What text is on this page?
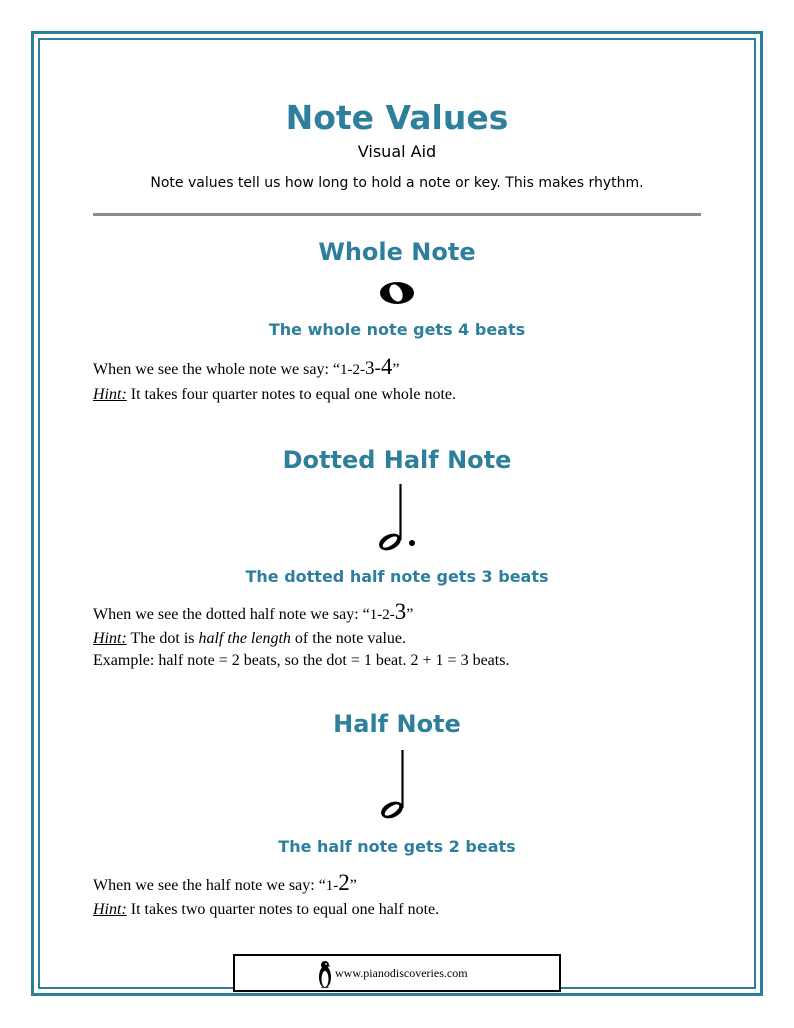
Note Values
Visual Aid
Note values tell us how long to hold a note or key. This makes rhythm.
Whole Note
The whole note gets 4 beats
When we see the whole note we say: “1-2-3-4”
Hint: It takes four quarter notes to equal one whole note.
Dotted Half Note
The dotted half note gets 3 beats
When we see the dotted half note we say: “1-2-3”
Hint: The dot is half the length of the note value.
Example: half note = 2 beats, so the dot = 1 beat. 2 + 1 = 3 beats.
Half Note
The half note gets 2 beats
When we see the half note we say: “1-2”
Hint: It takes two quarter notes to equal one half note.
www.pianodiscoveries.com
